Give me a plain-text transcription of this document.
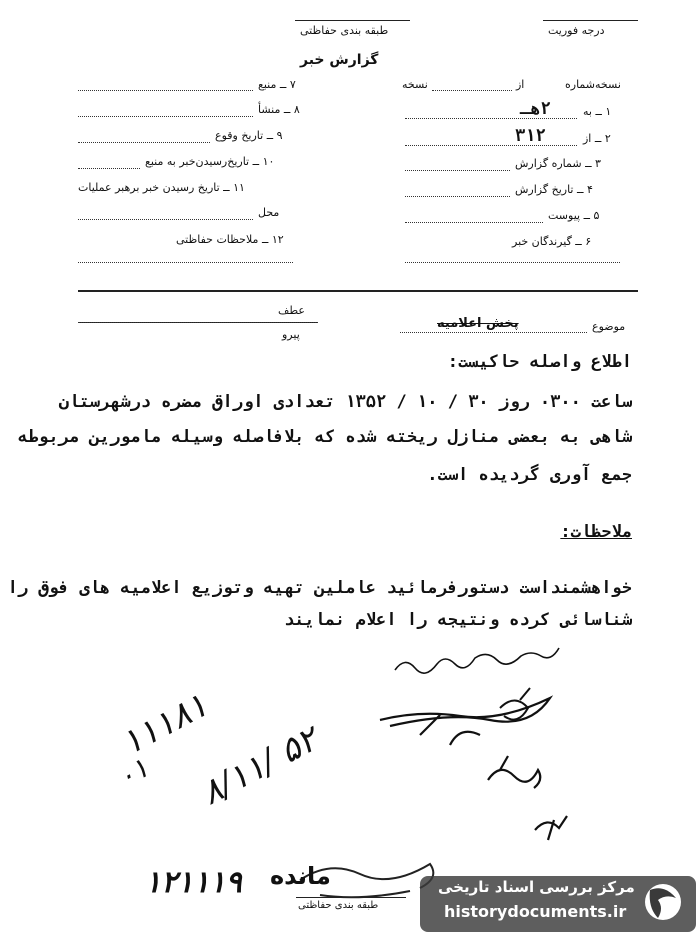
درجه فوریت
طبقه بندی حفاظتی
گزارش خبر
نسخه‌شماره
از
نسخه
۱ ــ به
۲هـ
۲ ــ از
۳۱۲
۳ ــ شماره گزارش
۴ ــ تاریخ گزارش
۵ ــ پیوست
۶ ــ گیرندگان خبر
۷ ــ منبع
۸ ــ منشأ
۹ ــ تاریخ وقوع
۱۰ ــ تاریخ‌رسیدن‌خبر به منبع
۱۱ ــ تاریخ رسیدن خبر برهبر عملیات
محل
۱۲ ــ ملاحظات حفاظتی
موضوع
پخش اعلامیه
عطف
پیرو
اطلاع واصله حاکیست:
ساعت ۰۳۰۰ روز ۳۰ / ۱۰ / ۱۳۵۲ تعدادی اوراق مضره درشهرستان
شاهی به بعضی منازل ریخته شده که بلافاصله وسیله مامورین مربوطه
جمع آوری گردیده است.
ملاحظات:
خواهشمنداست دستورفرمائید عاملین تهیه وتوزیع اعلامیه های فوق را
شناسائی کرده ونتیجه را اعلام نمایند
۱۱۱۸۱
۰۱ ۸/۱۱/ ۵۲
۱۲۱۱۱۹ مانده
طبقه بندی حفاظتی
مرکز بررسی اسناد تاریخی
historydocuments.ir
